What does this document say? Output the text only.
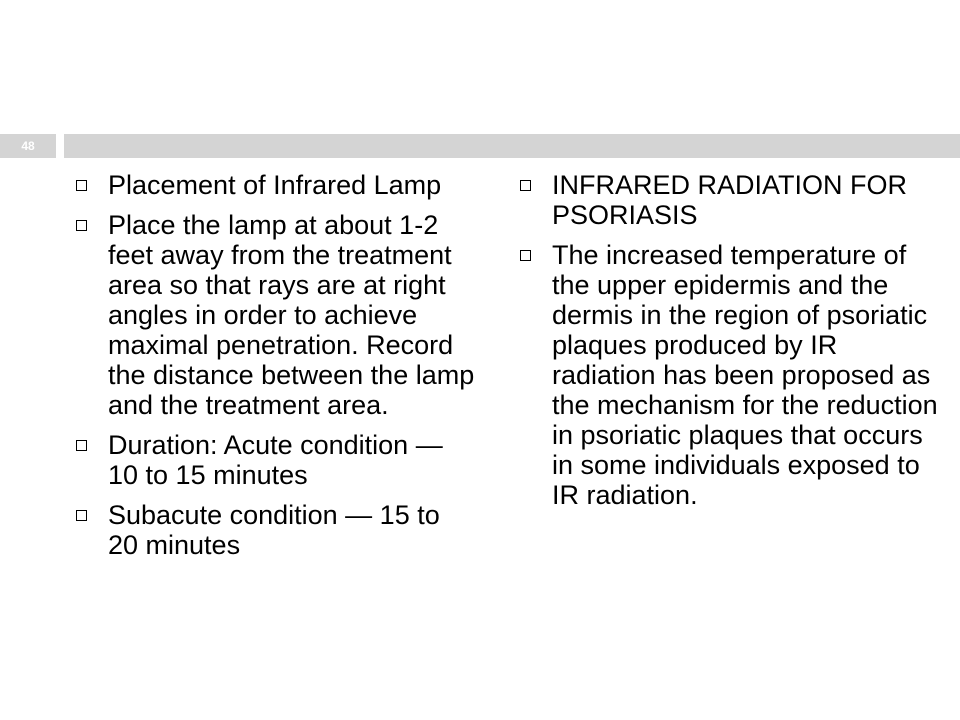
48
Placement of Infrared Lamp
Place the lamp at about 1-2 feet away from the treatment area so that rays are at right angles in order to achieve maximal penetration. Record the distance between the lamp and the treatment area.
Duration: Acute condition — 10 to 15 minutes
Subacute condition — 15 to 20 minutes
INFRARED RADIATION FOR PSORIASIS
The increased temperature of the upper epidermis and the dermis in the region of psoriatic plaques produced by IR radiation has been proposed as the mechanism for the reduction in psoriatic plaques that occurs in some individuals exposed to IR radiation.
